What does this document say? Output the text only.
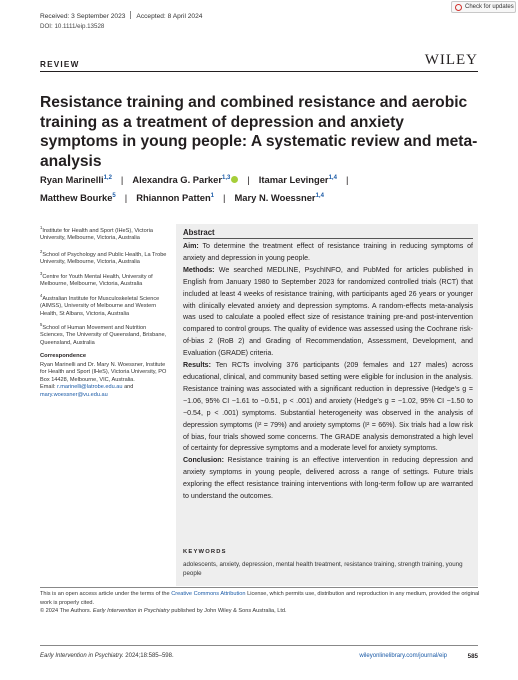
Received: 3 September 2023 Accepted: 8 April 2024
DOI: 10.1111/eip.13528
Check for updates
REVIEW	WILEY
Resistance training and combined resistance and aerobic training as a treatment of depression and anxiety symptoms in young people: A systematic review and meta-analysis
Ryan Marinelli$^{1,2}$ | Alexandra G. Parker$^{1,3}$ | Itamar Levinger$^{1,4}$ |
Matthew Bourke$^5$ | Rhiannon Patten$^1$ | Mary N. Woessner$^{1,4}$
$^1$Institute for Health and Sport (IHeS), Victoria University, Melbourne, Victoria, Australia
$^2$School of Psychology and Public Health, La Trobe University, Melbourne, Victoria, Australia
$^3$Centre for Youth Mental Health, University of Melbourne, Melbourne, Victoria, Australia
$^4$Australian Institute for Musculoskeletal Science (AIMSS), University of Melbourne and Western Health, St Albans, Victoria, Australia
$^5$School of Human Movement and Nutrition Sciences, The University of Queensland, Brisbane, Queensland, Australia
Correspondence
Ryan Marinelli and Dr. Mary N. Woessner, Institute for Health and Sport (IHeS), Victoria University, PO Box 14428, Melbourne, VIC, Australia.
Email: r.marinelli@latrobe.edu.au and mary.woessner@vu.edu.au
Abstract

Aim: To determine the treatment effect of resistance training in reducing symptoms of anxiety and depression in young people.

Methods: We searched MEDLINE, PsychINFO, and PubMed for articles published in English from January 1980 to September 2023 for randomized controlled trials (RCT) that included at least 4 weeks of resistance training, with participants aged 26 years or younger with clinically elevated anxiety and depression symptoms. A random-effects meta-analysis was used to calculate a pooled effect size of resistance training pre-and post-intervention compared to control groups. The quality of evidence was assessed using the Cochrane risk-of-bias 2 (RoB 2) and Grading of Recommendation, Assessment, Development, and Evaluation (GRADE) criteria.

Results: Ten RCTs involving 376 participants (209 females and 127 males) across educational, clinical, and community based setting were eligible for inclusion in the analysis. Resistance training was associated with a significant reduction in depressive (Hedge's g = −1.06, 95% CI −1.61 to −0.51, p < .001) and anxiety (Hedge's g = −1.02, 95% CI −1.50 to −0.54, p < .001) symptoms. Substantial heterogeneity was observed in the analysis of depression symptoms (I² = 79%) and anxiety symptoms (I² = 66%). Six trials had a low risk of bias, four trials showed some concerns. The GRADE analysis demonstrated a high level of certainty for depressive symptoms and a moderate level for anxiety symptoms.

Conclusion: Resistance training is an effective intervention in reducing depression and anxiety symptoms in young people, delivered across a range of settings. Future trials exploring the effect resistance training interventions with long-term follow up are warranted to understand the outcomes.

KEYWORDS
adolescents, anxiety, depression, mental health treatment, resistance training, strength training, young people
This is an open access article under the terms of the Creative Commons Attribution License, which permits use, distribution and reproduction in any medium, provided the original work is properly cited.
© 2024 The Authors. Early Intervention in Psychiatry published by John Wiley & Sons Australia, Ltd.
Early Intervention in Psychiatry. 2024;18:585–598.	wileyonlinelibrary.com/journal/eip	585
